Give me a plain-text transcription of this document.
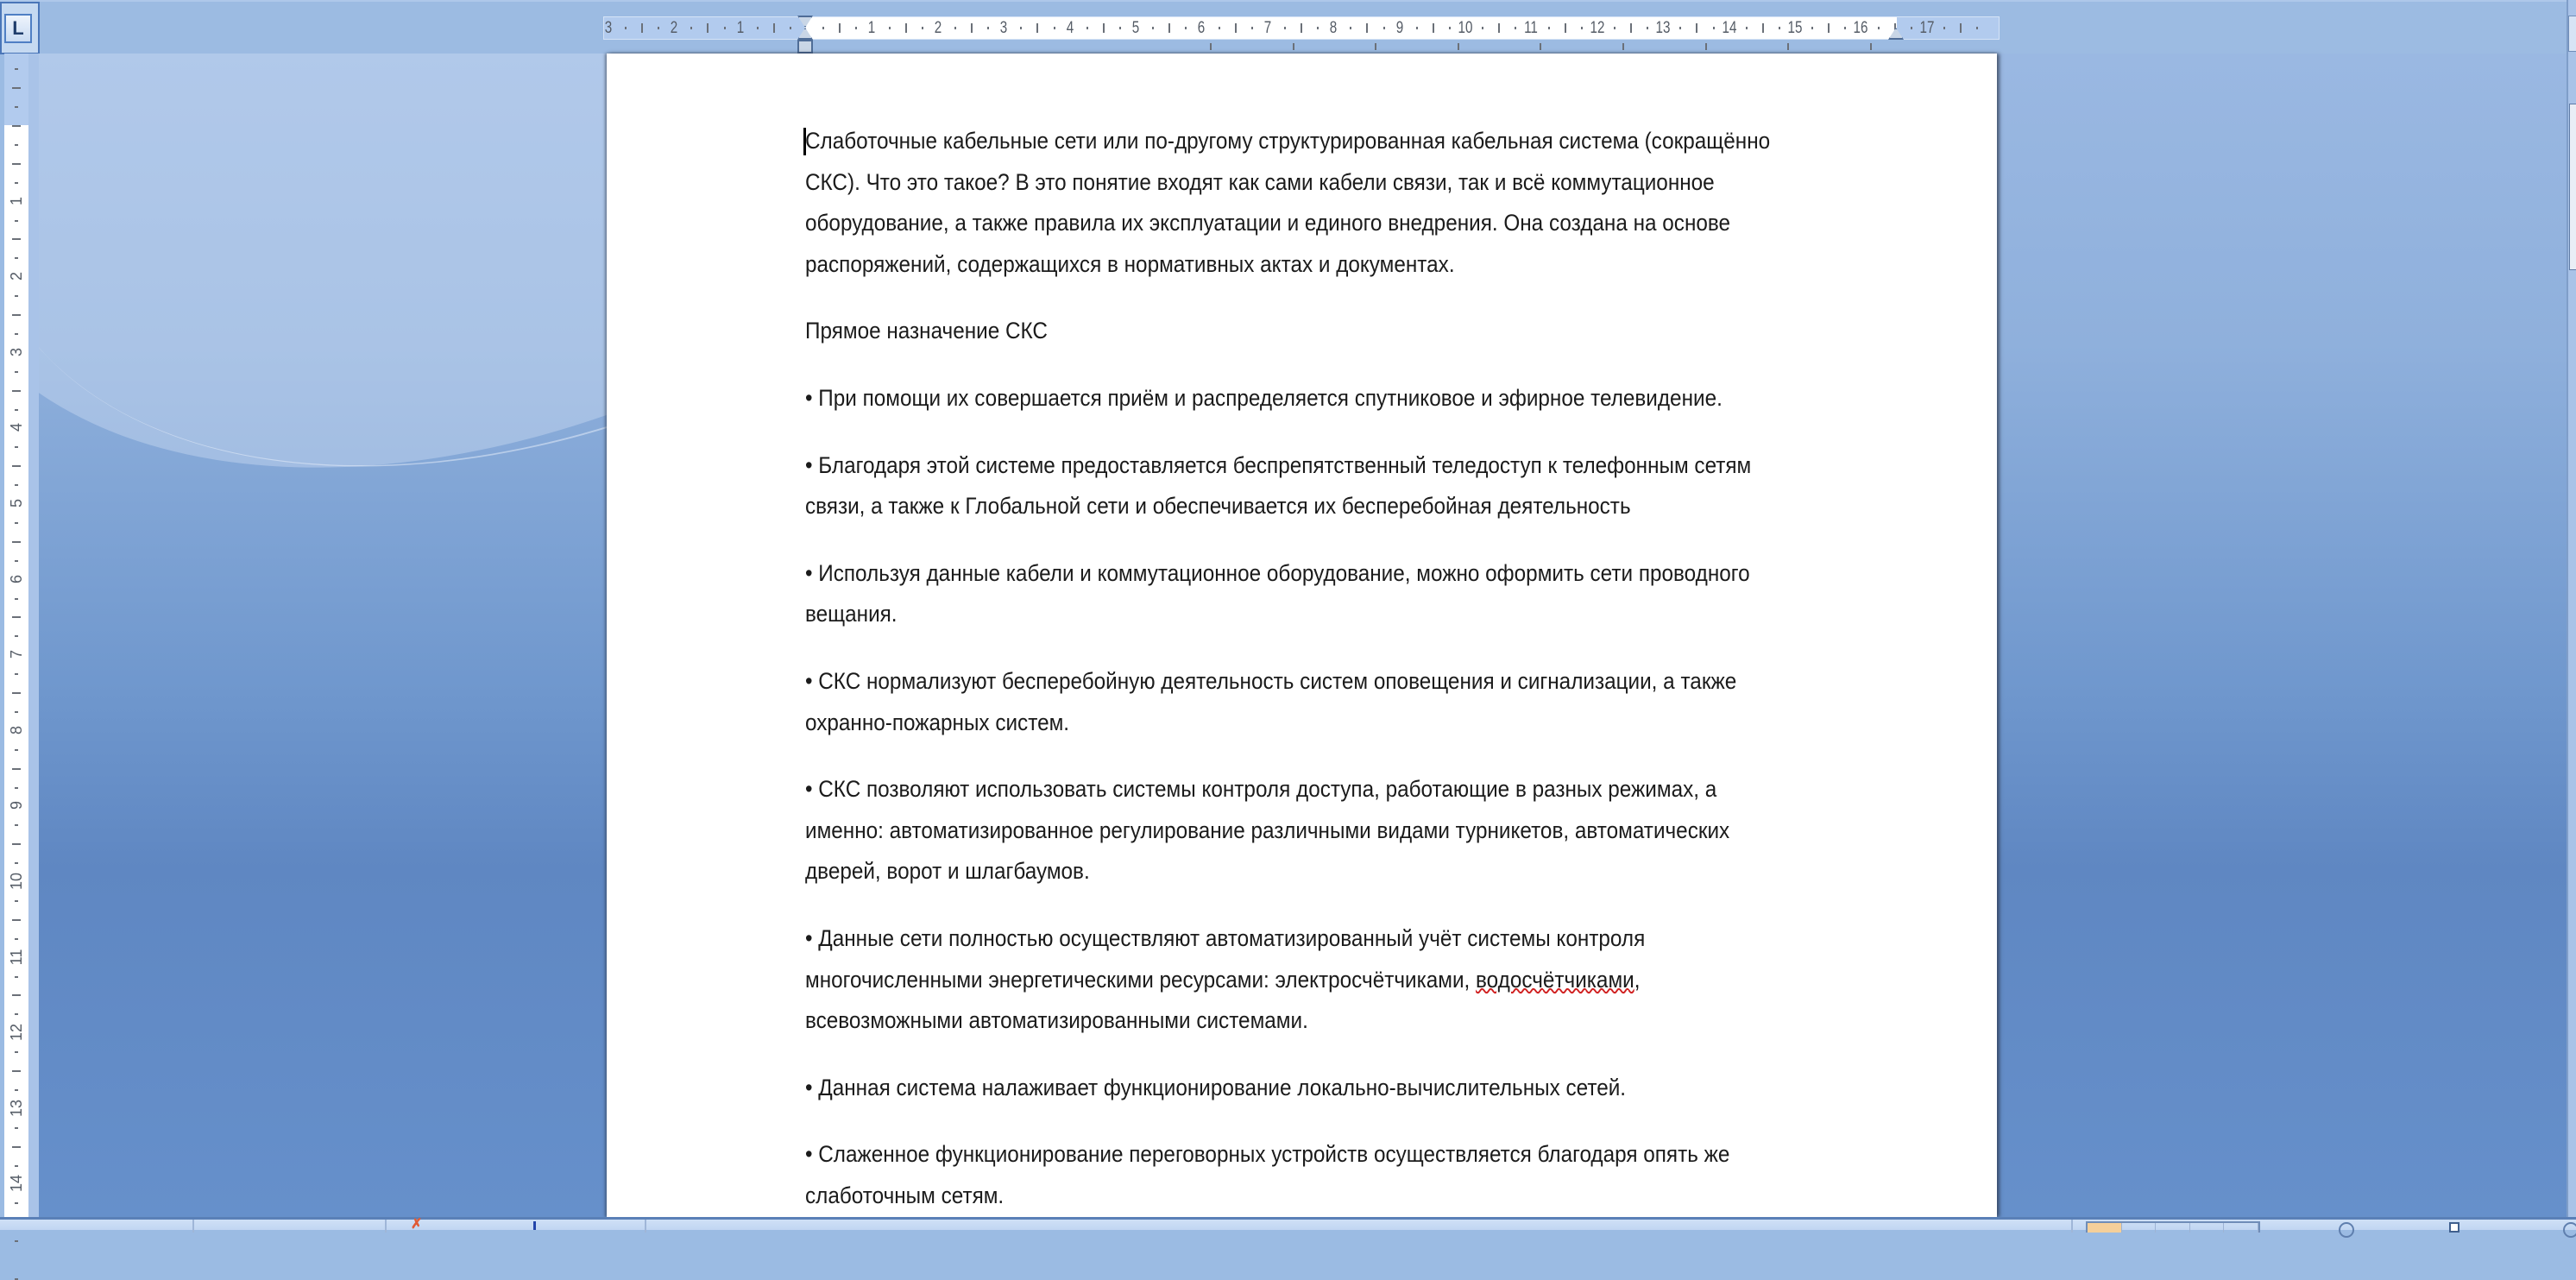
L	3	2	1	1	2	3	4	5	6	7	8	9	10	11	12	13	14	15	16	17
1
2
3
4
5
6
7
8
9
10
11
12
13
14

Слаботочные кабельные сети или по-другому структурированная кабельная система (сокращённо
СКС). Что это такое? В это понятие входят как сами кабели связи, так и всё коммутационное
оборудование, а также правила их эксплуатации и единого внедрения. Она создана на основе
распоряжений, содержащихся в нормативных актах и документах.

Прямое назначение СКС

• При помощи их совершается приём и распределяется спутниковое и эфирное телевидение.

• Благодаря этой системе предоставляется беспрепятственный теледоступ к телефонным сетям
связи, а также к Глобальной сети и обеспечивается их бесперебойная деятельность

• Используя данные кабели и коммутационное оборудование, можно оформить сети проводного
вещания.

• СКС нормализуют бесперебойную деятельность систем оповещения и сигнализации, а также
охранно-пожарных систем.

• СКС позволяют использовать системы контроля доступа, работающие в разных режимах, а
именно: автоматизированное регулирование различными видами турникетов, автоматических
дверей, ворот и шлагбаумов.

• Данные сети полностью осуществляют автоматизированный учёт системы контроля
многочисленными энергетическими ресурсами: электросчётчиками, водосчётчиками,
всевозможными автоматизированными системами.

• Данная система налаживает функционирование локально-вычислительных сетей.

• Слаженное функционирование переговорных устройств осуществляется благодаря опять же
слаботочным сетям.

✗
